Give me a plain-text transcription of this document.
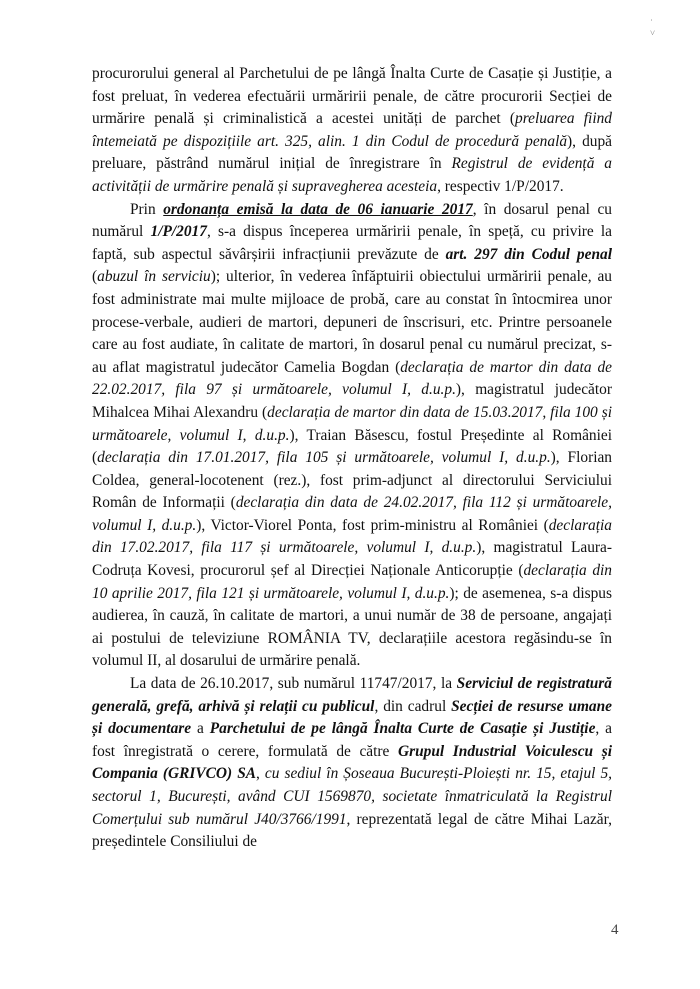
˙ ˅

procurorului general al Parchetului de pe lângă Înalta Curte de Casație și Justiție, a fost preluat, în vederea efectuării urmăririi penale, de către procurorii Secției de urmărire penală și criminalistică a acestei unități de parchet (preluarea fiind întemeiată pe dispozițiile art. 325, alin. 1 din Codul de procedură penală), după preluare, păstrând numărul inițial de înregistrare în Registrul de evidență a activității de urmărire penală și supravegherea acesteia, respectiv 1/P/2017.

Prin ordonanța emisă la data de 06 ianuarie 2017, în dosarul penal cu numărul 1/P/2017, s-a dispus începerea urmăririi penale, în speță, cu privire la faptă, sub aspectul săvârșirii infracțiunii prevăzute de art. 297 din Codul penal (abuzul în serviciu); ulterior, în vederea înfăptuirii obiectului urmăririi penale, au fost administrate mai multe mijloace de probă, care au constat în întocmirea unor procese-verbale, audieri de martori, depuneri de înscrisuri, etc. Printre persoanele care au fost audiate, în calitate de martori, în dosarul penal cu numărul precizat, s-au aflat magistratul judecător Camelia Bogdan (declarația de martor din data de 22.02.2017, fila 97 și următoarele, volumul I, d.u.p.), magistratul judecător Mihalcea Mihai Alexandru (declarația de martor din data de 15.03.2017, fila 100 și următoarele, volumul I, d.u.p.), Traian Băsescu, fostul Președinte al României (declarația din 17.01.2017, fila 105 și următoarele, volumul I, d.u.p.), Florian Coldea, general-locotenent (rez.), fost prim-adjunct al directorului Serviciului Român de Informații (declarația din data de 24.02.2017, fila 112 și următoarele, volumul I, d.u.p.), Victor-Viorel Ponta, fost prim-ministru al României (declarația din 17.02.2017, fila 117 și următoarele, volumul I, d.u.p.), magistratul Laura-Codruța Kovesi, procurorul șef al Direcției Naționale Anticorupție (declarația din 10 aprilie 2017, fila 121 și următoarele, volumul I, d.u.p.); de asemenea, s-a dispus audierea, în cauză, în calitate de martori, a unui număr de 38 de persoane, angajați ai postului de televiziune ROMÂNIA TV, declarațiile acestora regăsindu-se în volumul II, al dosarului de urmărire penală.

La data de 26.10.2017, sub numărul 11747/2017, la Serviciul de registratură generală, grefă, arhivă și relații cu publicul, din cadrul Secției de resurse umane și documentare a Parchetului de pe lângă Înalta Curte de Casație și Justiție, a fost înregistrată o cerere, formulată de către Grupul Industrial Voiculescu și Compania (GRIVCO) SA, cu sediul în Șoseaua București-Ploiești nr. 15, etajul 5, sectorul 1, București, având CUI 1569870, societate înmatriculată la Registrul Comerțului sub numărul J40/3766/1991, reprezentată legal de către Mihai Lazăr, președintele Consiliului de

4
